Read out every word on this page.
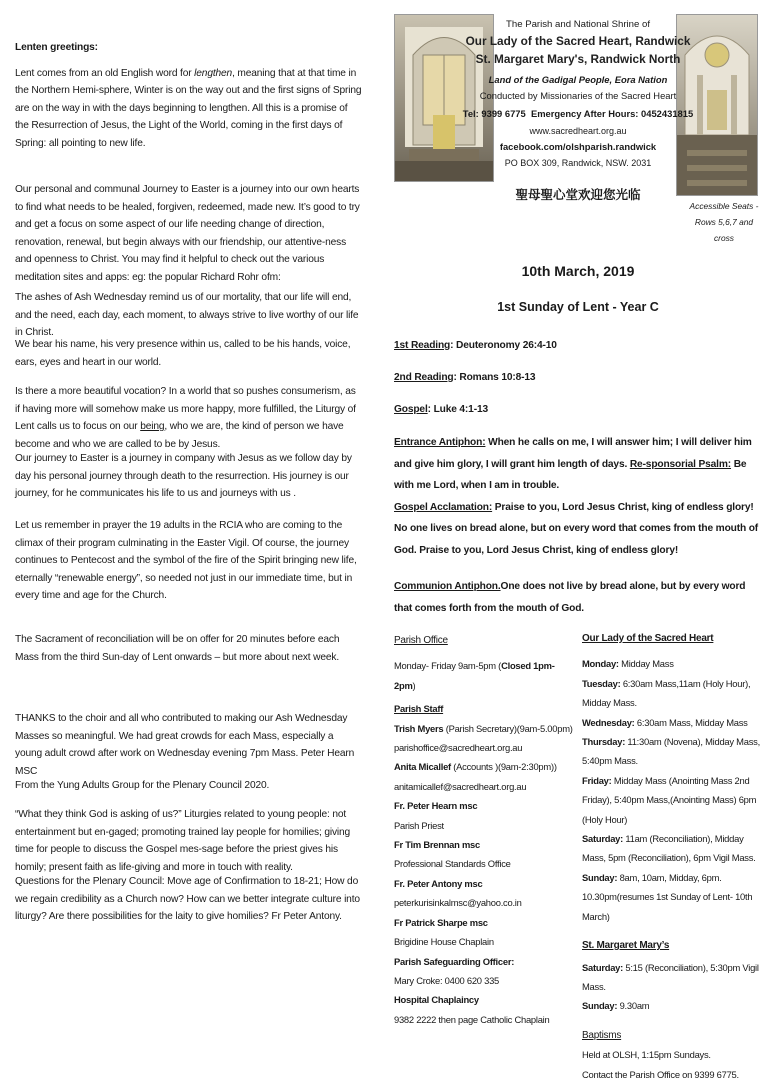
Lenten greetings:

Lent comes from an old English word for lengthen, meaning that at that time in the Northern Hemi-sphere, Winter is on the way out and the first signs of Spring are on the way in with the days beginning to lengthen. All this is a promise of the Resurrection of Jesus, the Light of the World, coming in the first days of Spring: all pointing to new life.

Our personal and communal Journey to Easter is a journey into our own hearts to find what needs to be healed, forgiven, redeemed, made new. It’s good to try and get a focus on some aspect of our life needing change of direction, renovation, renewal, but begin always with our friendship, our attentive-ness and openness to Christ. You may find it helpful to check out the various meditation sites and apps: eg: the popular Richard Rohr ofm:
The ashes of Ash Wednesday remind us of our mortality, that our life will end, and the need, each day, each moment, to always strive to live worthy of our life in Christ.
We bear his name, his very presence within us, called to be his hands, voice, ears, eyes and heart in our world.
Is there a more beautiful vocation? In a world that so pushes consumerism, as if having more will somehow make us more happy, more fulfilled, the Liturgy of Lent calls us to focus on our being, who we are, the kind of person we have become and who we are called to be by Jesus.
Our journey to Easter is a journey in company with Jesus as we follow day by day his personal journey through death to the resurrection. His journey is our journey, for he communicates his life to us and journeys with us .
Let us remember in prayer the 19 adults in the RCIA who are coming to the climax of their program culminating in the Easter Vigil. Of course, the journey continues to Pentecost and the symbol of the fire of the Spirit bringing new life, eternally “renewable energy”, so needed not just in our immediate time, but in every time and age for the Church.
The Sacrament of reconciliation will be on offer for 20 minutes before each Mass from the third Sun-day of Lent onwards – but more about next week.
THANKS to the choir and all who contributed to making our Ash Wednesday Masses so meaningful. We had great crowds for each Mass, especially a young adult crowd after work on Wednesday evening 7pm Mass. Peter Hearn MSC
From the Yung Adults Group for the Plenary Council 2020.
“What they think God is asking of us?” Liturgies related to young people: not entertainment but en-gaged; promoting trained lay people for homilies; giving time for people to discuss the Gospel mes-sage before the priest gives his homily; present faith as life-giving and more in touch with reality.
Questions for the Plenary Council: Move age of Confirmation to 18-21; How do we regain credibility as a Church now? How can we better integrate culture into liturgy? Are there possibilities for the laity to give homilies? Fr Peter Antony.
The Parish and National Shrine of
Our Lady of the Sacred Heart, Randwick
St. Margaret Mary's, Randwick North
Land of the Gadigal People, Eora Nation
Conducted by Missionaries of the Sacred Heart
Tel: 9399 6775 Emergency After Hours: 0452431815
www.sacredheart.org.au
facebook.com/olshparish.randwick
PO BOX 309, Randwick, NSW. 2031
聖母聖心堂欢迎您光临
Accessible Seats - Rows 5,6,7 and cross
10th March, 2019
1st Sunday of Lent - Year C
1st Reading: Deuteronomy 26:4-10
2nd Reading: Romans 10:8-13
Gospel: Luke 4:1-13
Entrance Antiphon: When he calls on me, I will answer him; I will deliver him and give him glory, I will grant him length of days. Re-sponsorial Psalm: Be with me Lord, when I am in trouble.
Gospel Acclamation: Praise to you, Lord Jesus Christ, king of endless glory! No one lives on bread alone, but on every word that comes from the mouth of God. Praise to you, Lord Jesus Christ, king of endless glory!
Communion Antiphon.One does not live by bread alone, but by every word that comes forth from the mouth of God.
Parish Office
Monday- Friday 9am-5pm (Closed 1pm-2pm)
Parish Staff
Trish Myers (Parish Secretary)(9am-5.00pm)
parishoffice@sacredheart.org.au
Anita Micallef (Accounts )(9am-2:30pm))
anitamicallef@sacredheart.org.au
Fr. Peter Hearn msc
Parish Priest
Fr Tim Brennan msc
Professional Standards Office
Fr. Peter Antony msc
peterkurisinkalmsc@yahoo.co.in
Fr Patrick Sharpe msc
Brigidine House Chaplain
Parish Safeguarding Officer:
Mary Croke: 0400 620 335
Hospital Chaplaincy
9382 2222 then page Catholic Chaplain
Our Lady of the Sacred Heart
Monday: Midday Mass
Tuesday: 6:30am Mass,11am (Holy Hour), Midday Mass.
Wednesday: 6:30am Mass, Midday Mass
Thursday: 11:30am (Novena), Midday Mass, 5:40pm Mass.
Friday: Midday Mass (Anointing Mass 2nd Friday), 5:40pm Mass,(Anointing Mass) 6pm (Holy Hour)
Saturday: 11am (Reconciliation), Midday Mass, 5pm (Reconciliation), 6pm Vigil Mass.
Sunday: 8am, 10am, Midday, 6pm. 10.30pm(resumes 1st Sunday of Lent- 10th March)
St. Margaret Mary’s
Saturday: 5:15 (Reconciliation), 5:30pm Vigil Mass.
Sunday: 9.30am
Baptisms
Held at OLSH, 1:15pm Sundays.
Contact the Parish Office on 9399 6775.
